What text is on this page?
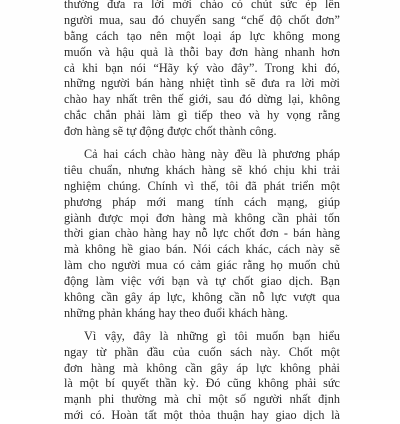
thường đưa ra lời mời chào có chút sức ép lên
người mua, sau đó chuyển sang “chế độ chốt đơn”
bằng cách tạo nên một loại áp lực không mong
muốn và hậu quả là thỗi bay đơn hàng nhanh hơn
cả khi bạn nói “Hãy ký vào đây”. Trong khi đó,
những người bán hàng nhiệt tình sẽ đưa ra lời mời
chào hay nhất trên thế giới, sau đó dừng lại, không
chắc chắn phải làm gì tiếp theo và hy vọng rằng
đơn hàng sẽ tự động được chốt thành công.
Cả hai cách chào hàng này đều là phương pháp
tiêu chuẩn, nhưng khách hàng sẽ khó chịu khi trải
nghiệm chúng. Chính vì thế, tôi đã phát triển một
phương pháp mới mang tính cách mạng, giúp
giành được mọi đơn hàng mà không cần phải tốn
thời gian chào hàng hay nỗ lực chốt đơn - bán hàng
mà không hề giao bán. Nói cách khác, cách này sẽ
làm cho người mua có cảm giác rằng họ muốn chủ
động làm việc với bạn và tự chốt giao dịch. Bạn
không cần gây áp lực, không cần nỗ lực vượt qua
những phản kháng hay theo đuổi khách hàng.
Vì vậy, đây là những gì tôi muốn bạn hiểu
ngay từ phần đầu của cuốn sách này. Chốt một
đơn hàng mà không cần gây áp lực không phải
là một bí quyết thần kỳ. Đó cũng không phải sức
mạnh phi thường mà chỉ một số người nhất định
mới có. Hoàn tất một thỏa thuận hay giao dịch là
